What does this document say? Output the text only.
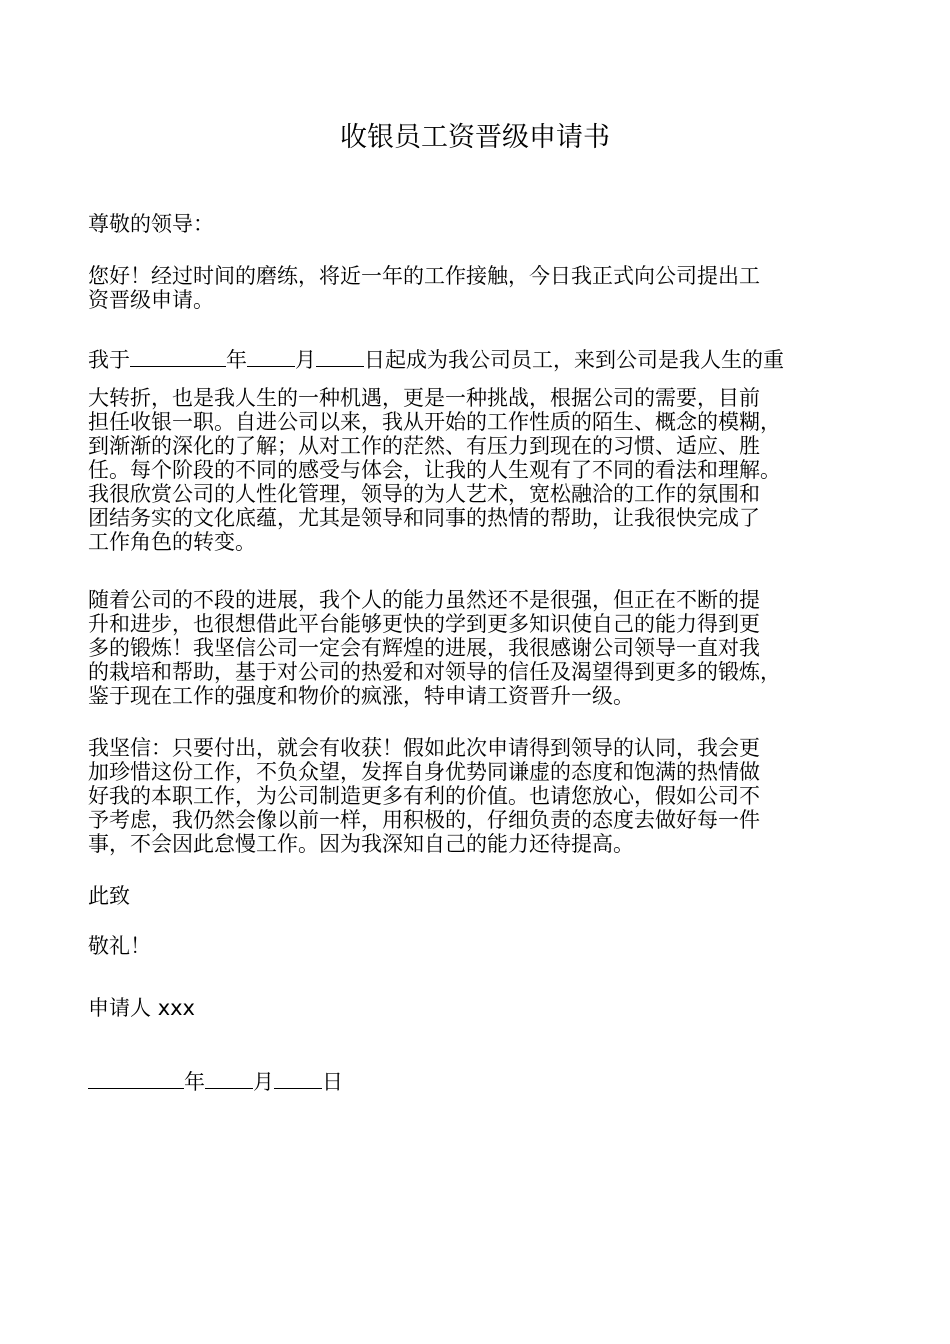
收银员工资晋级申请书
尊敬的领导：
您好！经过时间的磨练，将近一年的工作接触，今日我正式向公司提出工
资晋级申请。
我于	年 月 日起成为我公司员工，来到公司是我人生的重
大转折，也是我人生的一种机遇，更是一种挑战，根据公司的需要，目前
担任收银一职。自进公司以来，我从开始的工作性质的陌生、概念的模糊，
到渐渐的深化的了解；从对工作的茫然、有压力到现在的习惯、适应、胜
任。每个阶段的不同的感受与体会，让我的人生观有了不同的看法和理解。
我很欣赏公司的人性化管理，领导的为人艺术，宽松融洽的工作的氛围和
团结务实的文化底蕴，尤其是领导和同事的热情的帮助，让我很快完成了
工作角色的转变。
随着公司的不段的进展，我个人的能力虽然还不是很强，但正在不断的提
升和进步，也很想借此平台能够更快的学到更多知识使自己的能力得到更
多的锻炼！我坚信公司一定会有辉煌的进展，我很感谢公司领导一直对我
的栽培和帮助，基于对公司的热爱和对领导的信任及渴望得到更多的锻炼，
鉴于现在工作的强度和物价的疯涨，特申请工资晋升一级。
我坚信：只要付出，就会有收获！假如此次申请得到领导的认同，我会更
加珍惜这份工作，不负众望，发挥自身优势同谦虚的态度和饱满的热情做
好我的本职工作，为公司制造更多有利的价值。也请您放心，假如公司不
予考虑，我仍然会像以前一样，用积极的，仔细负责的态度去做好每一件
事，不会因此怠慢工作。因为我深知自己的能力还待提高。
此致
敬礼！
申请人 xxx
年 月 日
